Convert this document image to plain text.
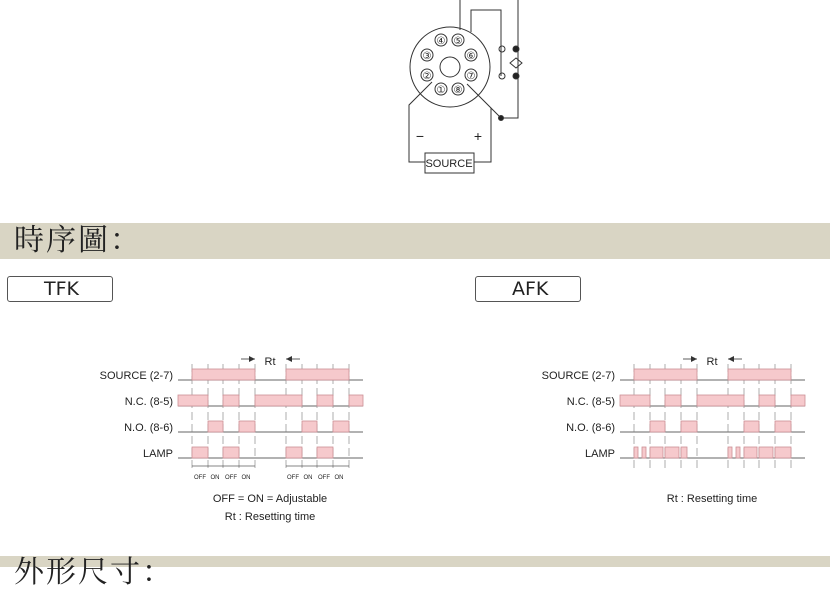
時序圖：
外形尺寸：
TFK	AFK
②
① ⑧
⑦
⑥
⑤
④
③
−	+
SOURCE
SOURCE (2-7)
N.C. (8-5)
N.O. (8-6)
LAMP
Rt
OFF ON OFF ON	OFF ON OFF ON
OFF = ON = Adjustable
Rt : Resetting time
SOURCE (2-7)
N.C. (8-5)
N.O. (8-6)
LAMP
Rt
Rt : Resetting time
